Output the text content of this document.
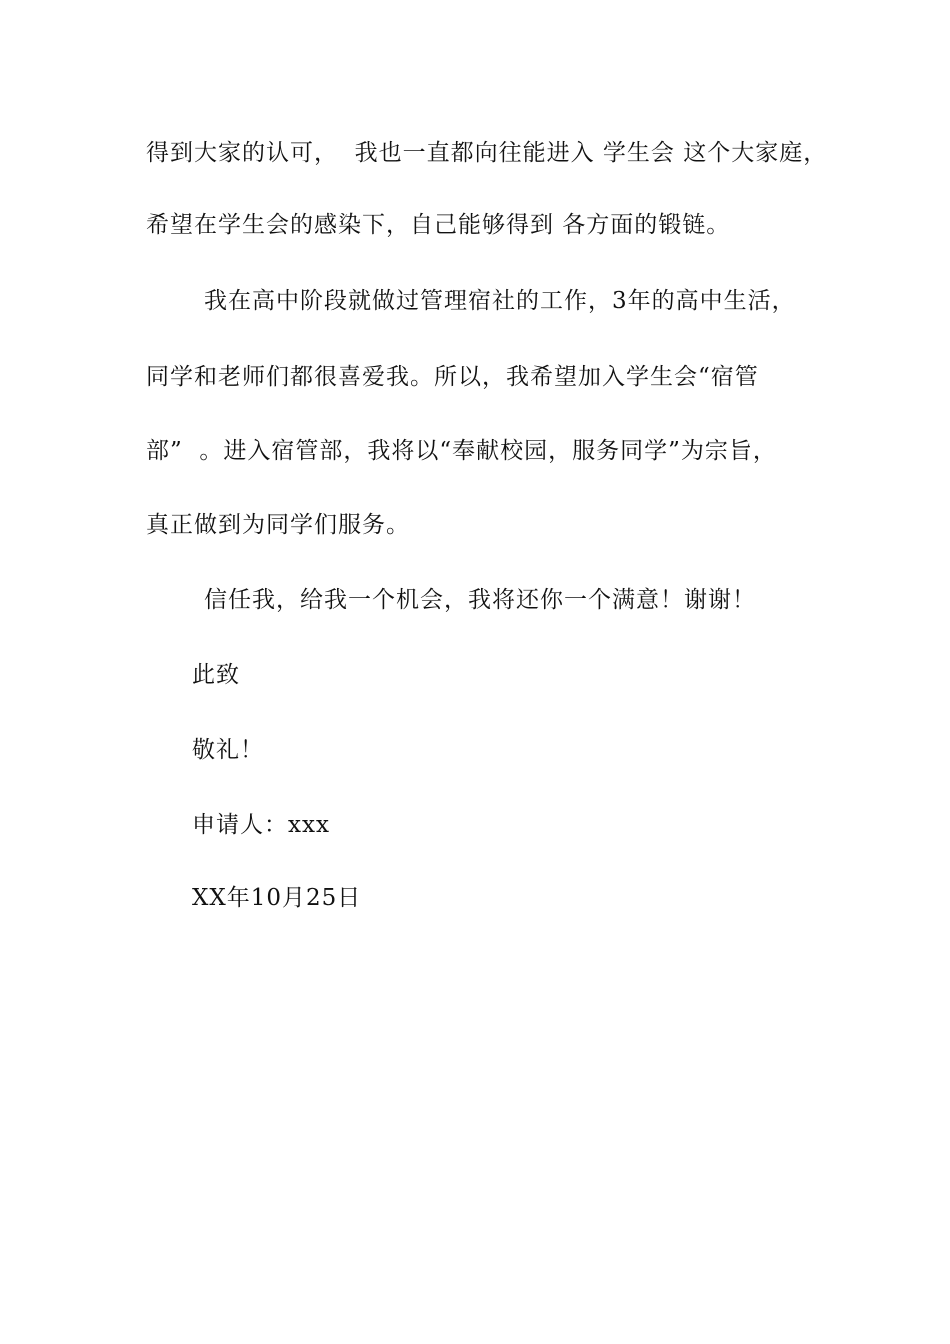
得到大家的认可，  我也一直都向往能进入 学生会 这个大家庭，
希望在学生会的感染下，自己能够得到 各方面的锻链。
我在高中阶段就做过管理宿社的工作，3年的高中生活，
同学和老师们都很喜爱我。所以，我希望加入学生会“宿管
部”  。进入宿管部，我将以“奉献校园，服务同学”为宗旨，
真正做到为同学们服务。
信任我，给我一个机会，我将还你一个满意！谢谢！
此致
敬礼！
申请人：xxx
XX年10月25日
